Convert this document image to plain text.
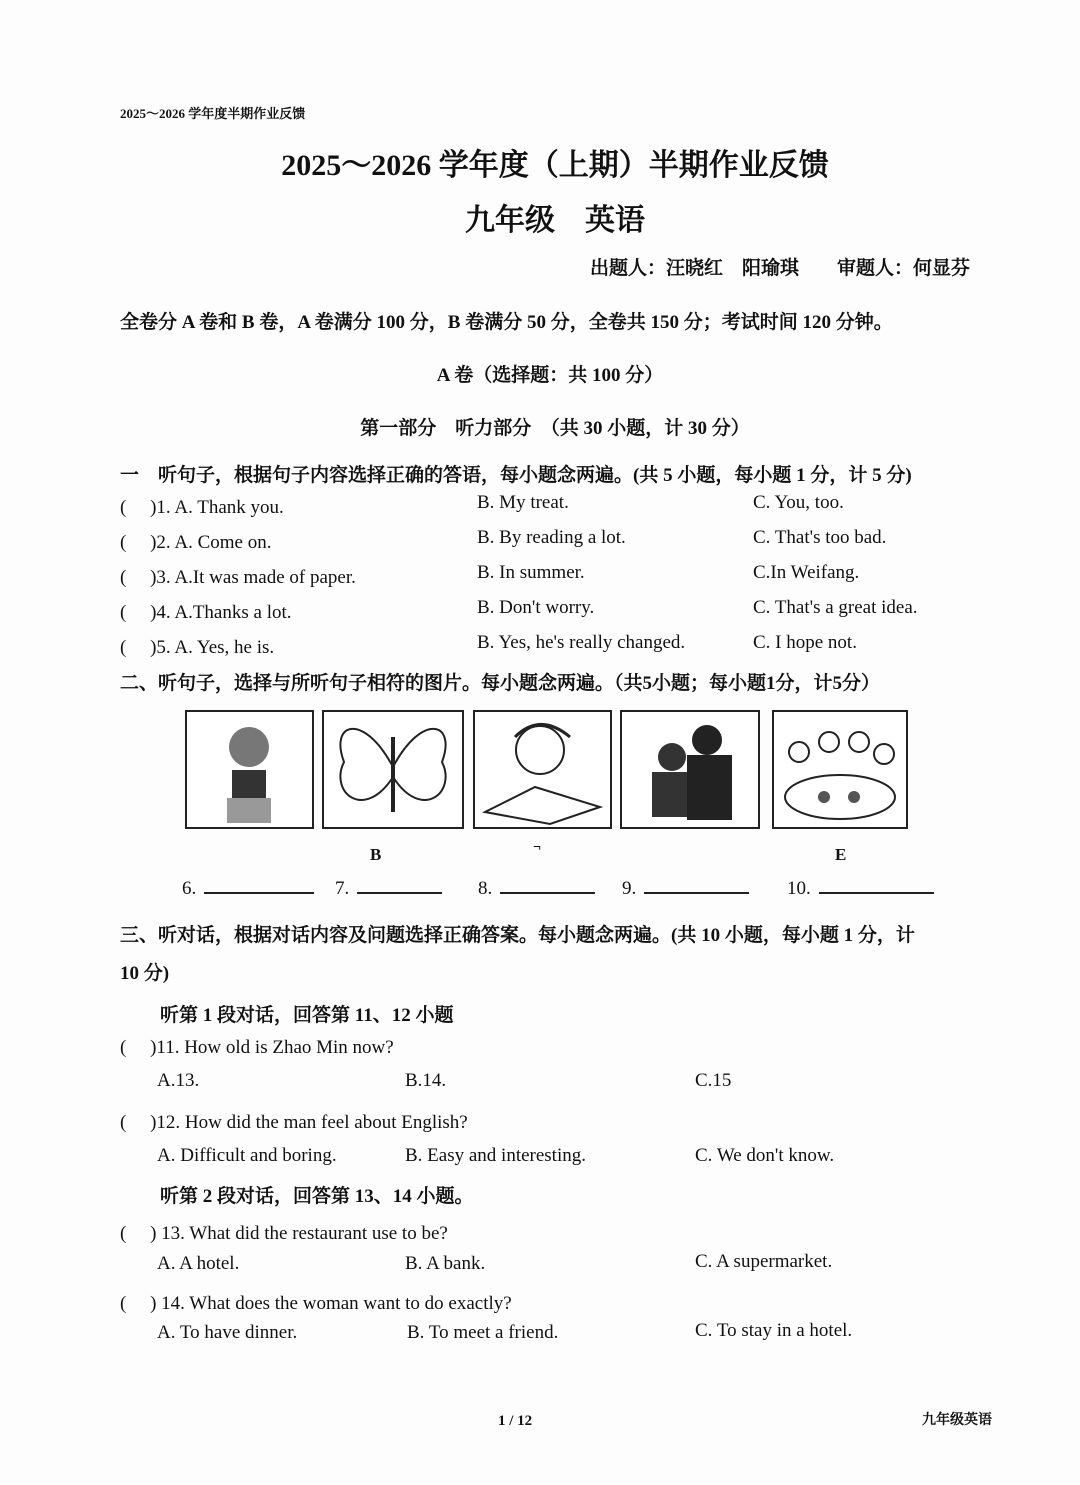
2025～2026 学年度半期作业反馈
2025～2026 学年度（上期）半期作业反馈
九年级　英语
出题人：汪晓红　阳瑜琪　　审题人：何显芬
全卷分 A 卷和 B 卷，A 卷满分 100 分，B 卷满分 50 分，全卷共 150 分；考试时间 120 分钟。
A 卷（选择题：共 100 分）
第一部分　听力部分　（共 30 小题，计 30 分）
一　听句子，根据句子内容选择正确的答语，每小题念两遍。(共 5 小题，每小题 1 分，计 5 分)
(　 )1. A. Thank you.	B. My treat.	C. You, too.
(　 )2. A. Come on.	B. By reading a lot.	C. That's too bad.
(　 )3. A.It was made of paper.	B. In summer.	C.In Weifang.
(　 )4. A.Thanks a lot.	B. Don't worry.	C. That's a great idea.
(　 )5. A. Yes, he is.	B. Yes, he's really changed.	C. I hope not.
二、听句子，选择与所听句子相符的图片。每小题念两遍。（共5小题；每小题1分，计5分）
B	¬	E
6.	7.	8.	9.	10.
三、听对话，根据对话内容及问题选择正确答案。每小题念两遍。(共 10 小题，每小题 1 分，计
10 分)
听第 1 段对话，回答第 11、12 小题
(　 )11. How old is Zhao Min now?
A.13.	B.14.	C.15
(　 )12. How did the man feel about English?
A. Difficult and boring.	B. Easy and interesting.	C. We don't know.
听第 2 段对话，回答第 13、14 小题。
(　 ) 13. What did the restaurant use to be?
A. A hotel.	B. A bank.	C. A supermarket.
(　 ) 14. What does the woman want to do exactly?
A. To have dinner.	B. To meet a friend.	C. To stay in a hotel.
1 / 12	九年级英语
